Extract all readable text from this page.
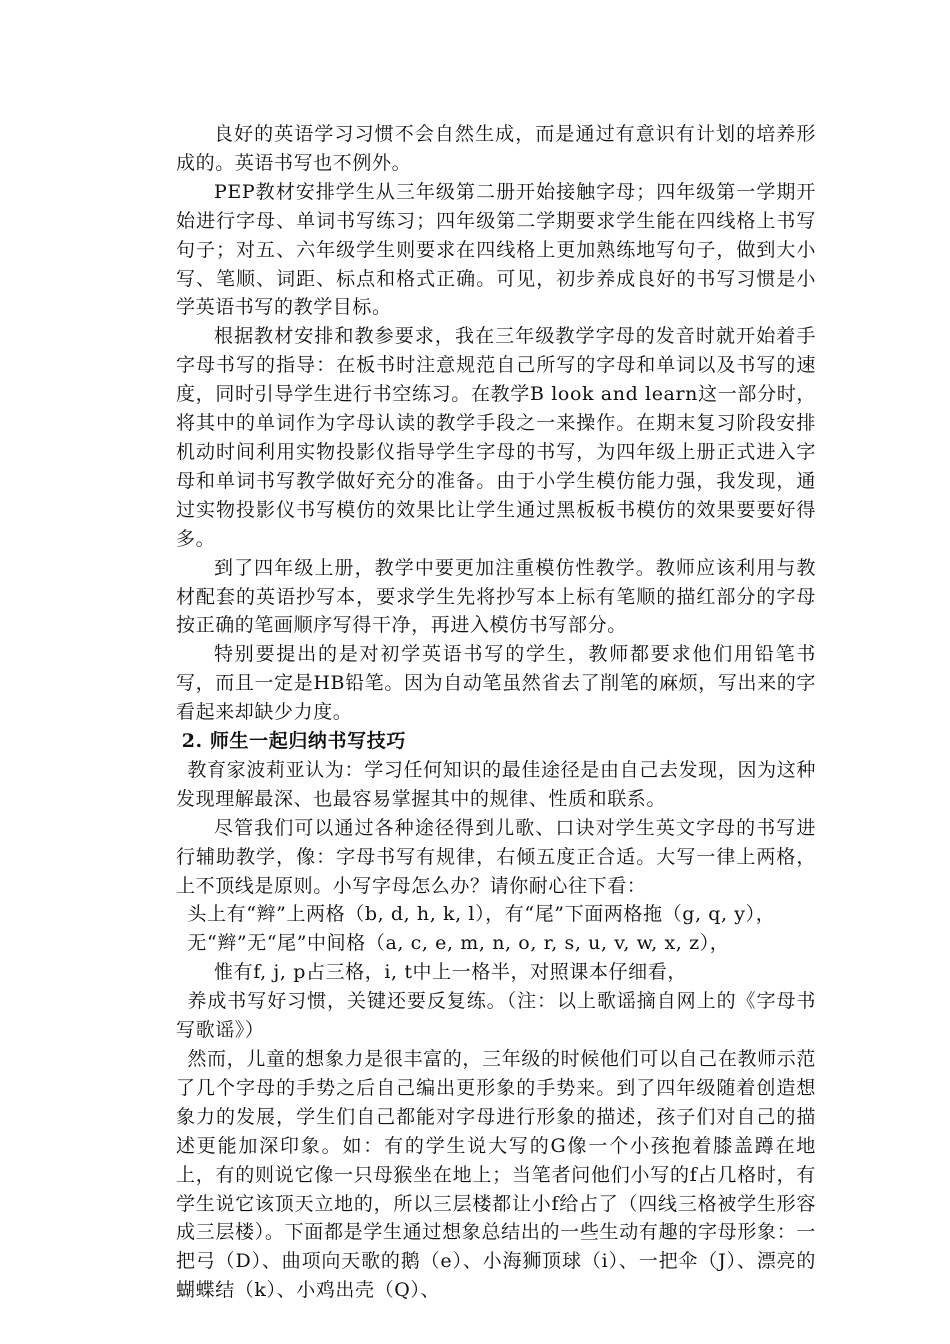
良好的英语学习习惯不会自然生成，而是通过有意识有计划的培养形成的。英语书写也不例外。

PEP教材安排学生从三年级第二册开始接触字母；四年级第一学期开始进行字母、单词书写练习；四年级第二学期要求学生能在四线格上书写句子；对五、六年级学生则要求在四线格上更加熟练地写句子，做到大小写、笔顺、词距、标点和格式正确。可见，初步养成良好的书写习惯是小学英语书写的教学目标。

根据教材安排和教参要求，我在三年级教学字母的发音时就开始着手字母书写的指导：在板书时注意规范自己所写的字母和单词以及书写的速度，同时引导学生进行书空练习。在教学B look and learn这一部分时，将其中的单词作为字母认读的教学手段之一来操作。在期末复习阶段安排机动时间利用实物投影仪指导学生字母的书写，为四年级上册正式进入字母和单词书写教学做好充分的准备。由于小学生模仿能力强，我发现，通过实物投影仪书写模仿的效果比让学生通过黑板板书模仿的效果要要好得多。

到了四年级上册，教学中要更加注重模仿性教学。教师应该利用与教材配套的英语抄写本，要求学生先将抄写本上标有笔顺的描红部分的字母按正确的笔画顺序写得干净，再进入模仿书写部分。

特别要提出的是对初学英语书写的学生，教师都要求他们用铅笔书写，而且一定是HB铅笔。因为自动笔虽然省去了削笔的麻烦，写出来的字看起来却缺少力度。

2. 师生一起归纳书写技巧

教育家波莉亚认为：学习任何知识的最佳途径是由自己去发现，因为这种发现理解最深、也最容易掌握其中的规律、性质和联系。

尽管我们可以通过各种途径得到儿歌、口诀对学生英文字母的书写进行辅助教学，像：字母书写有规律，右倾五度正合适。大写一律上两格，上不顶线是原则。小写字母怎么办？请你耐心往下看：

头上有“辫”上两格（b, d, h, k, l），有“尾”下面两格拖（g, q, y），

无“辫”无“尾”中间格（a, c, e, m, n, o, r, s, u, v, w, x, z），

惟有f, j, p占三格，i, t中上一格半，对照课本仔细看，

养成书写好习惯，关键还要反复练。（注：以上歌谣摘自网上的《字母书写歌谣》）

然而，儿童的想象力是很丰富的，三年级的时候他们可以自己在教师示范了几个字母的手势之后自己编出更形象的手势来。到了四年级随着创造想象力的发展，学生们自己都能对字母进行形象的描述，孩子们对自己的描述更能加深印象。如：有的学生说大写的G像一个小孩抱着膝盖蹲在地上，有的则说它像一只母猴坐在地上；当笔者问他们小写的f占几格时，有学生说它该顶天立地的，所以三层楼都让小f给占了（四线三格被学生形容成三层楼）。下面都是学生通过想象总结出的一些生动有趣的字母形象：一把弓（D）、曲项向天歌的鹅（e）、小海狮顶球（i）、一把伞（J）、漂亮的蝴蝶结（k）、小鸡出壳（Q）、
